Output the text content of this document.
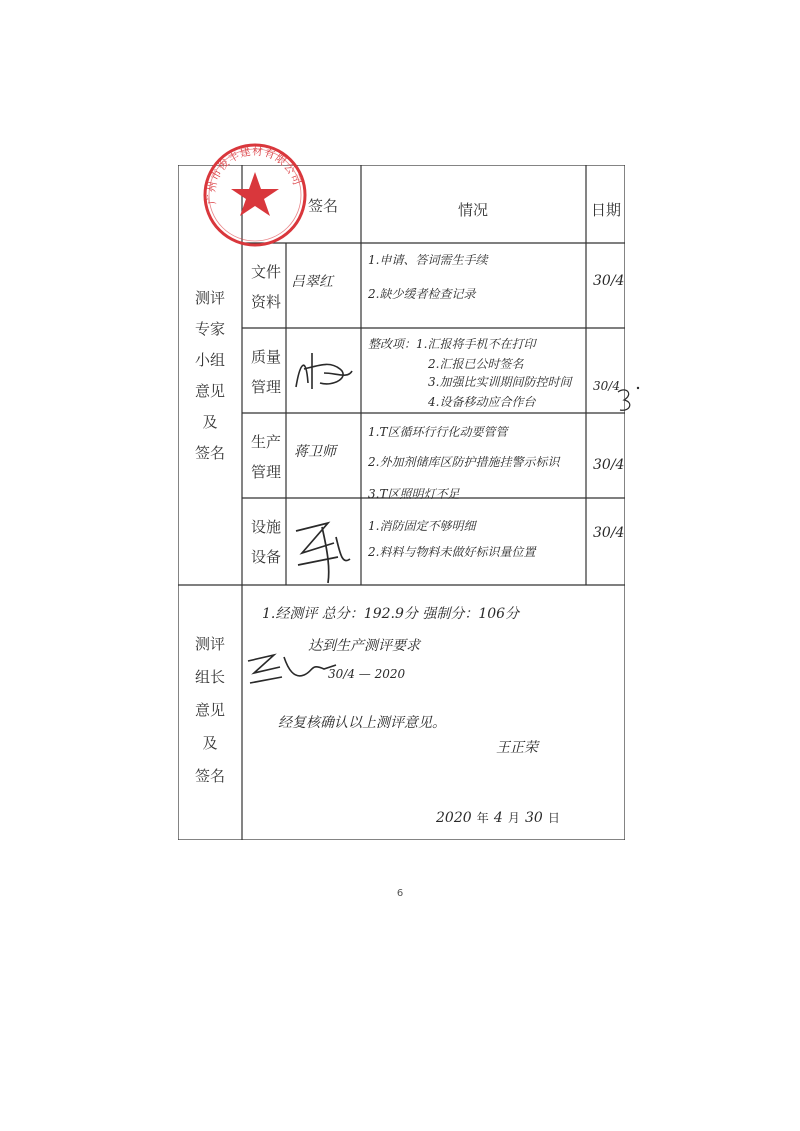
签名	情况	日期
测评
专家
小组
意见
及
签名
文件
资料
吕翠红
1.申请、答词需生手续
2.缺少缓者检查记录
30/4
质量
管理
整改项：1.汇报将手机不在打印
2.汇报已公时签名
3.加强比实训期间防控时间
4.设备移动应合作台
30/4
生产
管理
蒋卫师
1.T区循环行行化动要管管
2.外加剂储库区防护措施挂警示标识
3.T区照明灯不足
30/4
设施
设备
1.消防固定不够明细
2.料料与物料未做好标识量位置
30/4
测评
组长
意见
及
签名
1.经测评 总分：192.9分 强制分：106分
达到生产测评要求
30/4 — 2020
经复核确认以上测评意见。
王正荣
2020 年 4 月 30 日
广州市俊丰建材有限公司
6
